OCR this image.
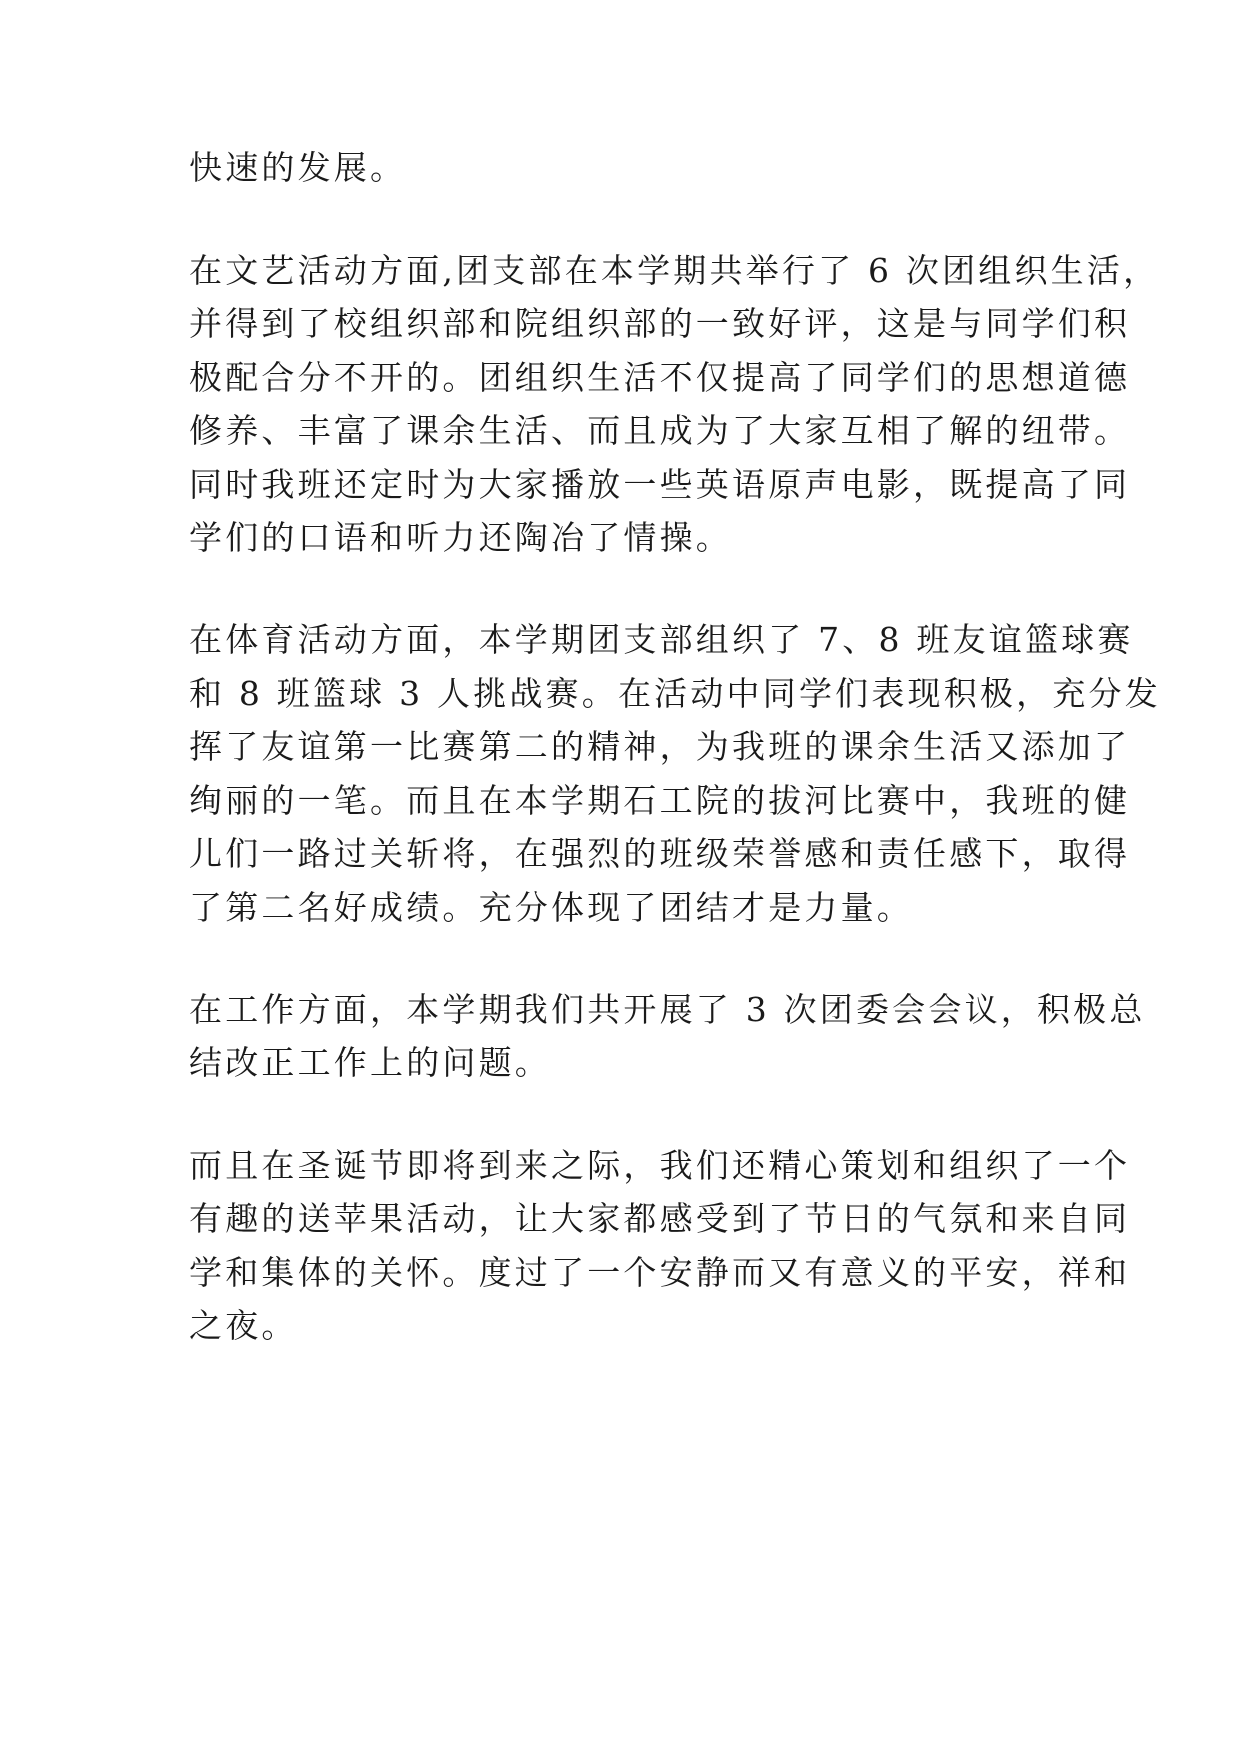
快速的发展。
在文艺活动方面,团支部在本学期共举行了 6 次团组织生活，
并得到了校组织部和院组织部的一致好评，这是与同学们积
极配合分不开的。团组织生活不仅提高了同学们的思想道德
修养、丰富了课余生活、而且成为了大家互相了解的纽带。
同时我班还定时为大家播放一些英语原声电影，既提高了同
学们的口语和听力还陶冶了情操。
在体育活动方面，本学期团支部组织了 7、8 班友谊篮球赛
和 8 班篮球 3 人挑战赛。在活动中同学们表现积极，充分发
挥了友谊第一比赛第二的精神，为我班的课余生活又添加了
绚丽的一笔。而且在本学期石工院的拔河比赛中，我班的健
儿们一路过关斩将，在强烈的班级荣誉感和责任感下，取得
了第二名好成绩。充分体现了团结才是力量。
在工作方面，本学期我们共开展了 3 次团委会会议，积极总
结改正工作上的问题。
而且在圣诞节即将到来之际，我们还精心策划和组织了一个
有趣的送苹果活动，让大家都感受到了节日的气氛和来自同
学和集体的关怀。度过了一个安静而又有意义的平安，祥和
之夜。
